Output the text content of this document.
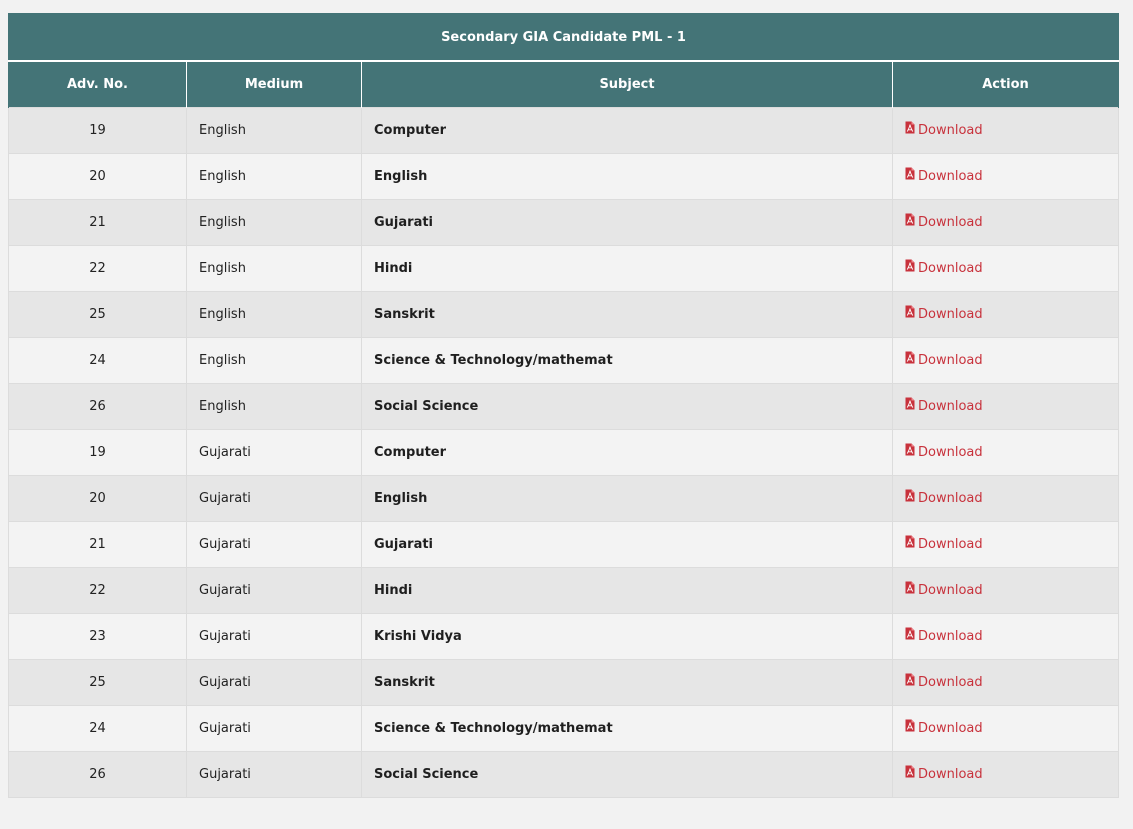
Secondary GIA Candidate PML - 1			
Adv. No.	Medium	Subject	Action
19	English	Computer	Download

20	English	English	Download

21	English	Gujarati	Download

22	English	Hindi	Download

25	English	Sanskrit	Download

24	English	Science & Technology/mathemat	Download

26	English	Social Science	Download

19	Gujarati	Computer	Download

20	Gujarati	English	Download

21	Gujarati	Gujarati	Download

22	Gujarati	Hindi	Download

23	Gujarati	Krishi Vidya	Download

25	Gujarati	Sanskrit	Download

24	Gujarati	Science & Technology/mathemat	Download

26	Gujarati	Social Science	Download
